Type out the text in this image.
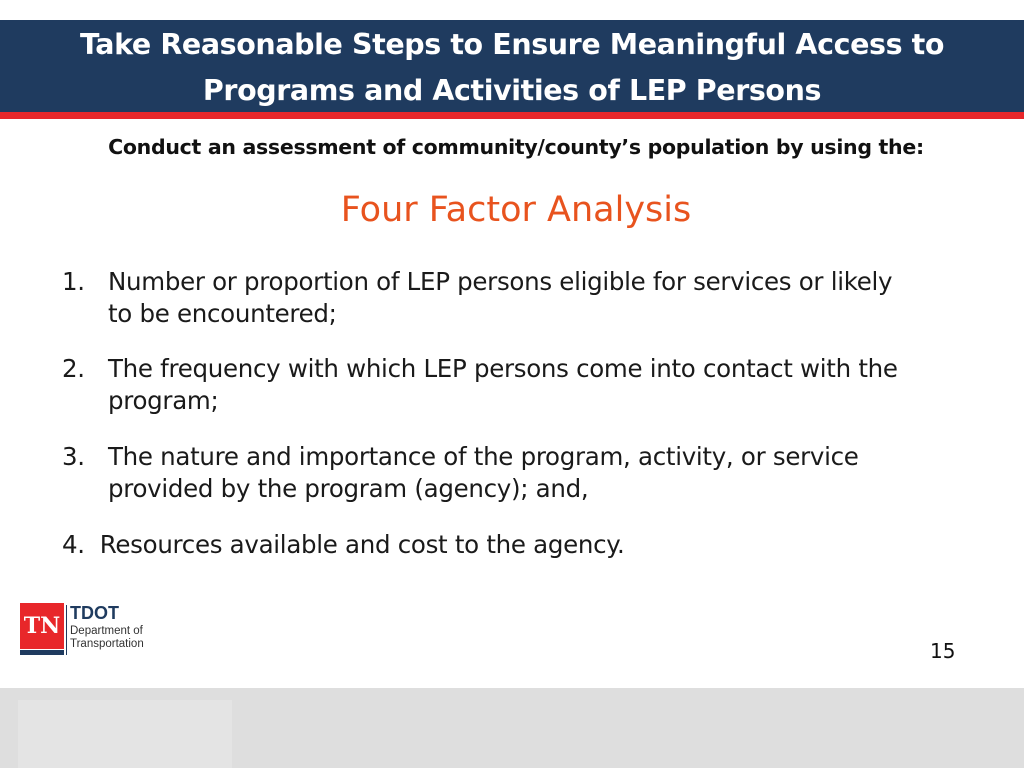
Take Reasonable Steps to Ensure Meaningful Access to
Programs and Activities of LEP Persons
Conduct an assessment of community/county’s population by using the:
Four Factor Analysis
1. Number or proportion of LEP persons eligible for services or likely
to be encountered;
2. The frequency with which LEP persons come into contact with the
program;
3. The nature and importance of the program, activity, or service
provided by the program (agency); and,
4. Resources available and cost to the agency.
TN TDOT
Department of
Transportation	15
